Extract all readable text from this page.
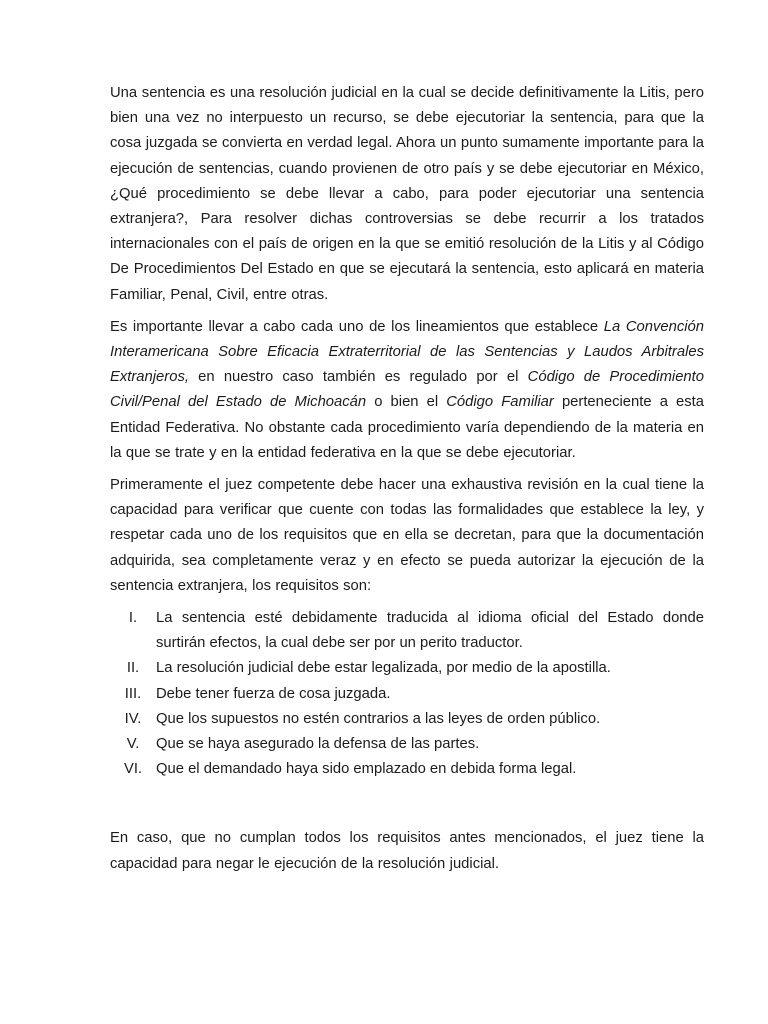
Una sentencia es una resolución judicial en la cual se decide definitivamente la Litis, pero bien una vez no interpuesto un recurso, se debe ejecutoriar la sentencia, para que la cosa juzgada se convierta en verdad legal. Ahora un punto sumamente importante para la ejecución de sentencias, cuando provienen de otro país y se debe ejecutoriar en México, ¿Qué procedimiento se debe llevar a cabo, para poder ejecutoriar una sentencia extranjera?, Para resolver dichas controversias se debe recurrir a los tratados internacionales con el país de origen en la que se emitió resolución de la Litis y al Código De Procedimientos Del Estado en que se ejecutará la sentencia, esto aplicará en materia Familiar, Penal, Civil, entre otras.

Es importante llevar a cabo cada uno de los lineamientos que establece La Convención Interamericana Sobre Eficacia Extraterritorial de las Sentencias y Laudos Arbitrales Extranjeros, en nuestro caso también es regulado por el Código de Procedimiento Civil/Penal del Estado de Michoacán o bien el Código Familiar perteneciente a esta Entidad Federativa. No obstante cada procedimiento varía dependiendo de la materia en la que se trate y en la entidad federativa en la que se debe ejecutoriar.

Primeramente el juez competente debe hacer una exhaustiva revisión en la cual tiene la capacidad para verificar que cuente con todas las formalidades que establece la ley, y respetar cada uno de los requisitos que en ella se decretan, para que la documentación adquirida, sea completamente veraz y en efecto se pueda autorizar la ejecución de la sentencia extranjera, los requisitos son:

I.	La sentencia esté debidamente traducida al idioma oficial del Estado donde surtirán efectos, la cual debe ser por un perito traductor.
II.	La resolución judicial debe estar legalizada, por medio de la apostilla.
III. Debe tener fuerza de cosa juzgada.
IV. Que los supuestos no estén contrarios a las leyes de orden público.
V.	Que se haya asegurado la defensa de las partes.
VI. Que el demandado haya sido emplazado en debida forma legal.

En caso, que no cumplan todos los requisitos antes mencionados, el juez tiene la capacidad para negar le ejecución de la resolución judicial.
